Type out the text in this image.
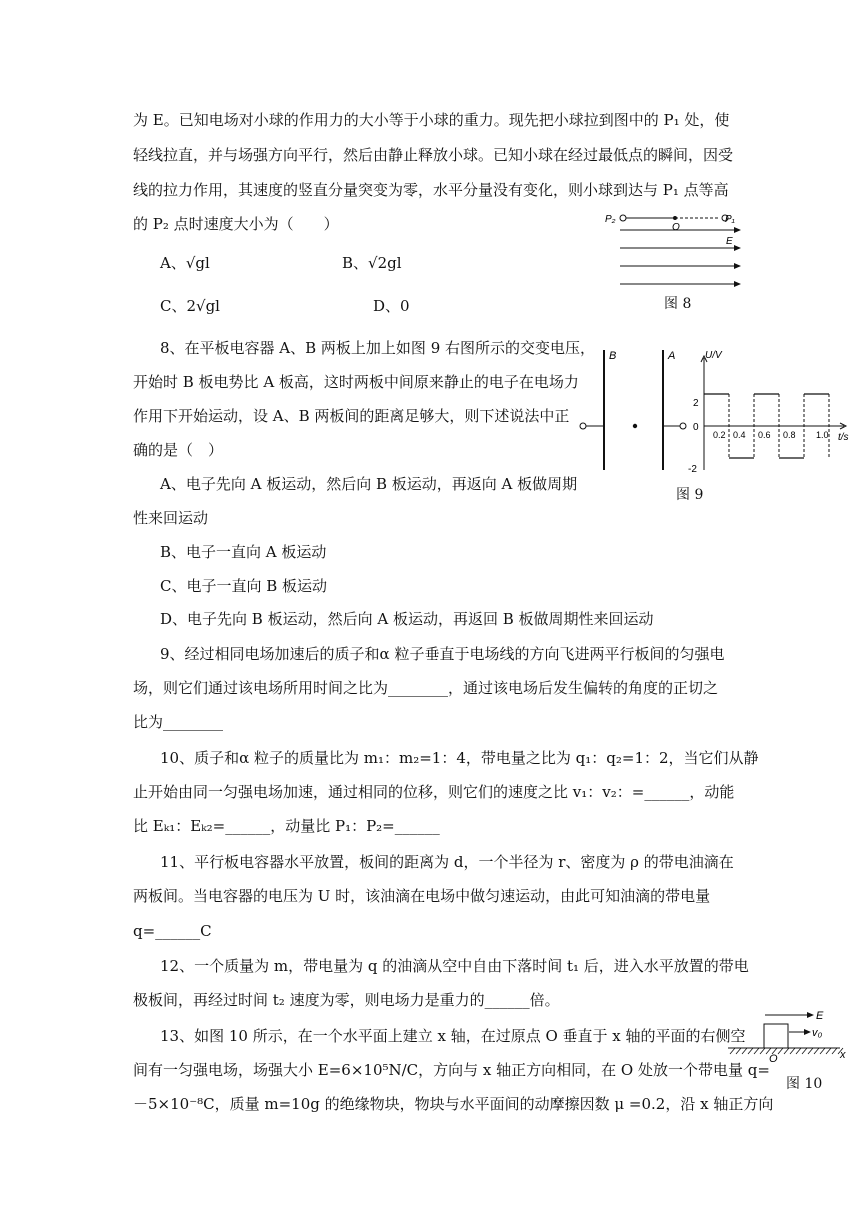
为 E。已知电场对小球的作用力的大小等于小球的重力。现先把小球拉到图中的 P₁ 处，使
轻线拉直，并与场强方向平行，然后由静止释放小球。已知小球在经过最低点的瞬间，因受
线的拉力作用，其速度的竖直分量突变为零，水平分量没有变化，则小球到达与 P₁ 点等高
的 P₂ 点时速度大小为（　　）
A、√gl	B、√2gl
C、2√gl	D、0
P₂
O
P₁
E
图 8
8、在平板电容器 A、B 两板上加上如图 9 右图所示的交变电压，
开始时 B 板电势比 A 板高，这时两板中间原来静止的电子在电场力
作用下开始运动，设 A、B 两板间的距离足够大，则下述说法中正
确的是（　）
A、电子先向 A 板运动，然后向 B 板运动，再返向 A 板做周期
性来回运动
B、电子一直向 A 板运动
C、电子一直向 B 板运动
D、电子先向 B 板运动，然后向 A 板运动，再返回 B 板做周期性来回运动
B	A	U/V
t/s
2
0
-2
0.2 0.4 0.6 0.8 1.0
图 9
9、经过相同电场加速后的质子和α 粒子垂直于电场线的方向飞进两平行板间的匀强电
场，则它们通过该电场所用时间之比为________，通过该电场后发生偏转的角度的正切之
比为________
10、质子和α 粒子的质量比为 m₁：m₂=1：4，带电量之比为 q₁：q₂=1：2，当它们从静
止开始由同一匀强电场加速，通过相同的位移，则它们的速度之比 v₁：v₂：=______，动能
比 Eₖ₁：Eₖ₂=______，动量比 P₁：P₂=______
11、平行板电容器水平放置，板间的距离为 d，一个半径为 r、密度为 ρ 的带电油滴在
两板间。当电容器的电压为 U 时，该油滴在电场中做匀速运动，由此可知油滴的带电量
q=______C
12、一个质量为 m，带电量为 q 的油滴从空中自由下落时间 t₁ 后，进入水平放置的带电
极板间，再经过时间 t₂ 速度为零，则电场力是重力的______倍。
13、如图 10 所示，在一个水平面上建立 x 轴，在过原点 O 垂直于 x 轴的平面的右侧空
间有一匀强电场，场强大小 E=6×10⁵N/C，方向与 x 轴正方向相同，在 O 处放一个带电量 q=
－5×10⁻⁸C，质量 m=10g 的绝缘物块，物块与水平面间的动摩擦因数 μ =0.2，沿 x 轴正方向
E
v₀
O	x
图 10
